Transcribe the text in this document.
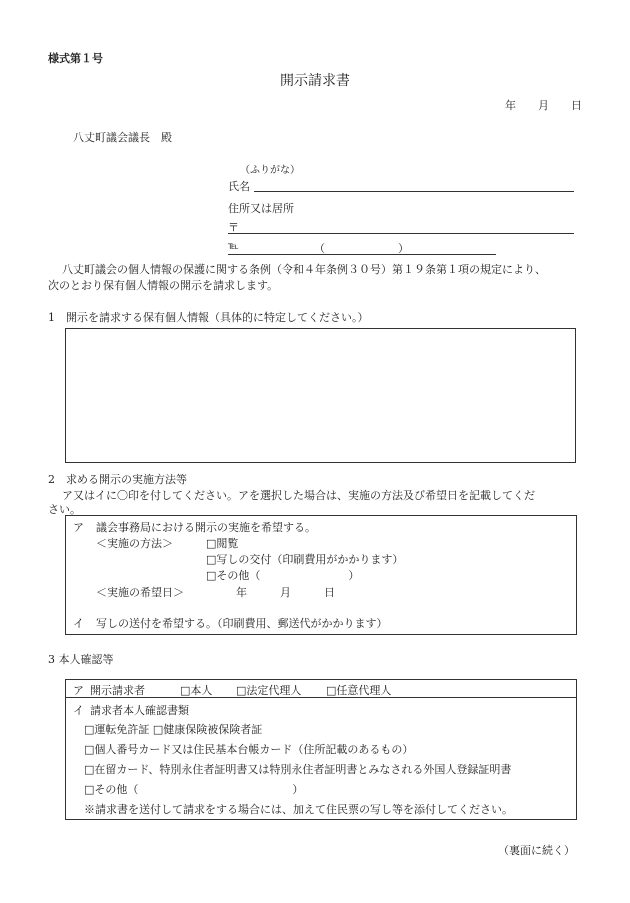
様式第１号
開示請求書
年　　月　　日
八丈町議会議長　殿
（ふりがな）
氏名
住所又は居所
〒
℡	（	）
八丈町議会の個人情報の保護に関する条例（令和４年条例３０号）第１９条第１項の規定により、
次のとおり保有個人情報の開示を請求します。
1　開示を請求する保有個人情報（具体的に特定してください。）
2　求める開示の実施方法等
ア又はイに〇印を付してください。アを選択した場合は、実施の方法及び希望日を記載してくだ
さい。
ア 議会事務局における開示の実施を希望する。
＜実施の方法＞	□閲覧
□写しの交付（印刷費用がかかります）
□その他（　　　　　　　　）
＜実施の希望日＞	年　　　月　　　日
イ 写しの送付を希望する。（印刷費用、郵送代がかかります）
3 本人確認等
ア 開示請求者	□本人 □法定代理人 □任意代理人
イ 請求者本人確認書類
□運転免許証 □健康保険被保険者証
□個人番号カード又は住民基本台帳カード（住所記載のあるもの）
□在留カード、特別永住者証明書又は特別永住者証明書とみなされる外国人登録証明書
□その他（　　　　　　　　　　　　　　）
※請求書を送付して請求をする場合には、加えて住民票の写し等を添付してください。
（裏面に続く）
